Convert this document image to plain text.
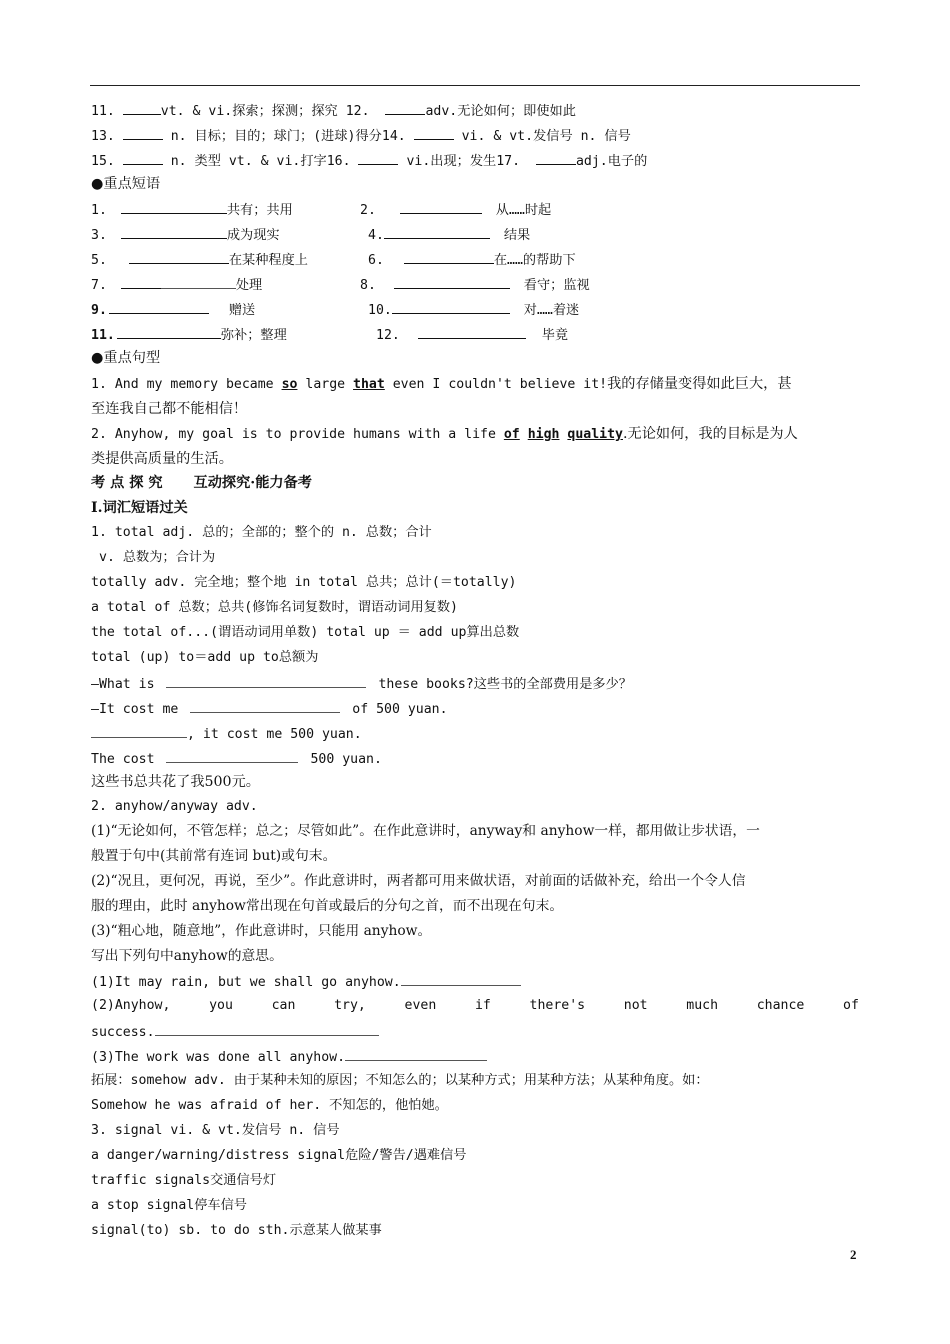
11.	vt. & vi.探索；探测；探究 12.	adv.无论如何；即使如此
13.	n. 目标；目的；球门；(进球)得分14.	vi. & vt.发信号 n. 信号
15.	n. 类型 vt. & vi.打字16.	vi.出现；发生17.	adj.电子的
●重点短语
1.	共有；共用	2.	从……时起
3.	成为现实	4.	结果
5.	在某种程度上	6.	在……的帮助下
7.	处理	8.	看守；监视
9.	赠送	10.	对……着迷
11.	弥补；整理	12.	毕竟
●重点句型
1. And my memory became so large that even I couldn't believe it!我的存储量变得如此巨大，甚
至连我自己都不能相信！
2. Anyhow, my goal is to provide humans with a life of high quality.无论如何，我的目标是为人
类提供高质量的生活。
考 点 探 究 互动探究·能力备考
Ⅰ.词汇短语过关
1. total adj. 总的；全部的；整个的 n. 总数；合计
v. 总数为；合计为
totally adv. 完全地；整个地 in total 总共；总计(＝totally)
a total of 总数；总共(修饰名词复数时，谓语动词用复数)
the total of...(谓语动词用单数) total up ＝ add up算出总数
total (up) to＝add up to总额为
—What is	these books?这些书的全部费用是多少？
—It cost me	of 500 yuan.
, it cost me 500 yuan.
The cost	500 yuan.
这些书总共花了我500元。
2. anyhow/anyway adv.
(1)“无论如何，不管怎样；总之；尽管如此”。在作此意讲时，anyway和 anyhow一样，都用做让步状语，一
般置于句中(其前常有连词 but)或句末。
(2)“况且，更何况，再说，至少”。作此意讲时，两者都可用来做状语，对前面的话做补充，给出一个令人信
服的理由，此时 anyhow常出现在句首或最后的分句之首，而不出现在句末。
(3)“粗心地，随意地”，作此意讲时，只能用 anyhow。
写出下列句中anyhow的意思。
(1)It may rain, but we shall go anyhow.
(2)Anyhow,	you	can	try,	even	if	there's	not	much	chance	of
success.
(3)The work was done all anyhow.
拓展：somehow adv. 由于某种未知的原因；不知怎么的；以某种方式；用某种方法；从某种角度。如：
Somehow he was afraid of her. 不知怎的，他怕她。
3. signal vi. & vt.发信号 n. 信号
a danger/warning/distress signal危险/警告/遇难信号
traffic signals交通信号灯
a stop signal停车信号
signal(to) sb. to do sth.示意某人做某事
2
